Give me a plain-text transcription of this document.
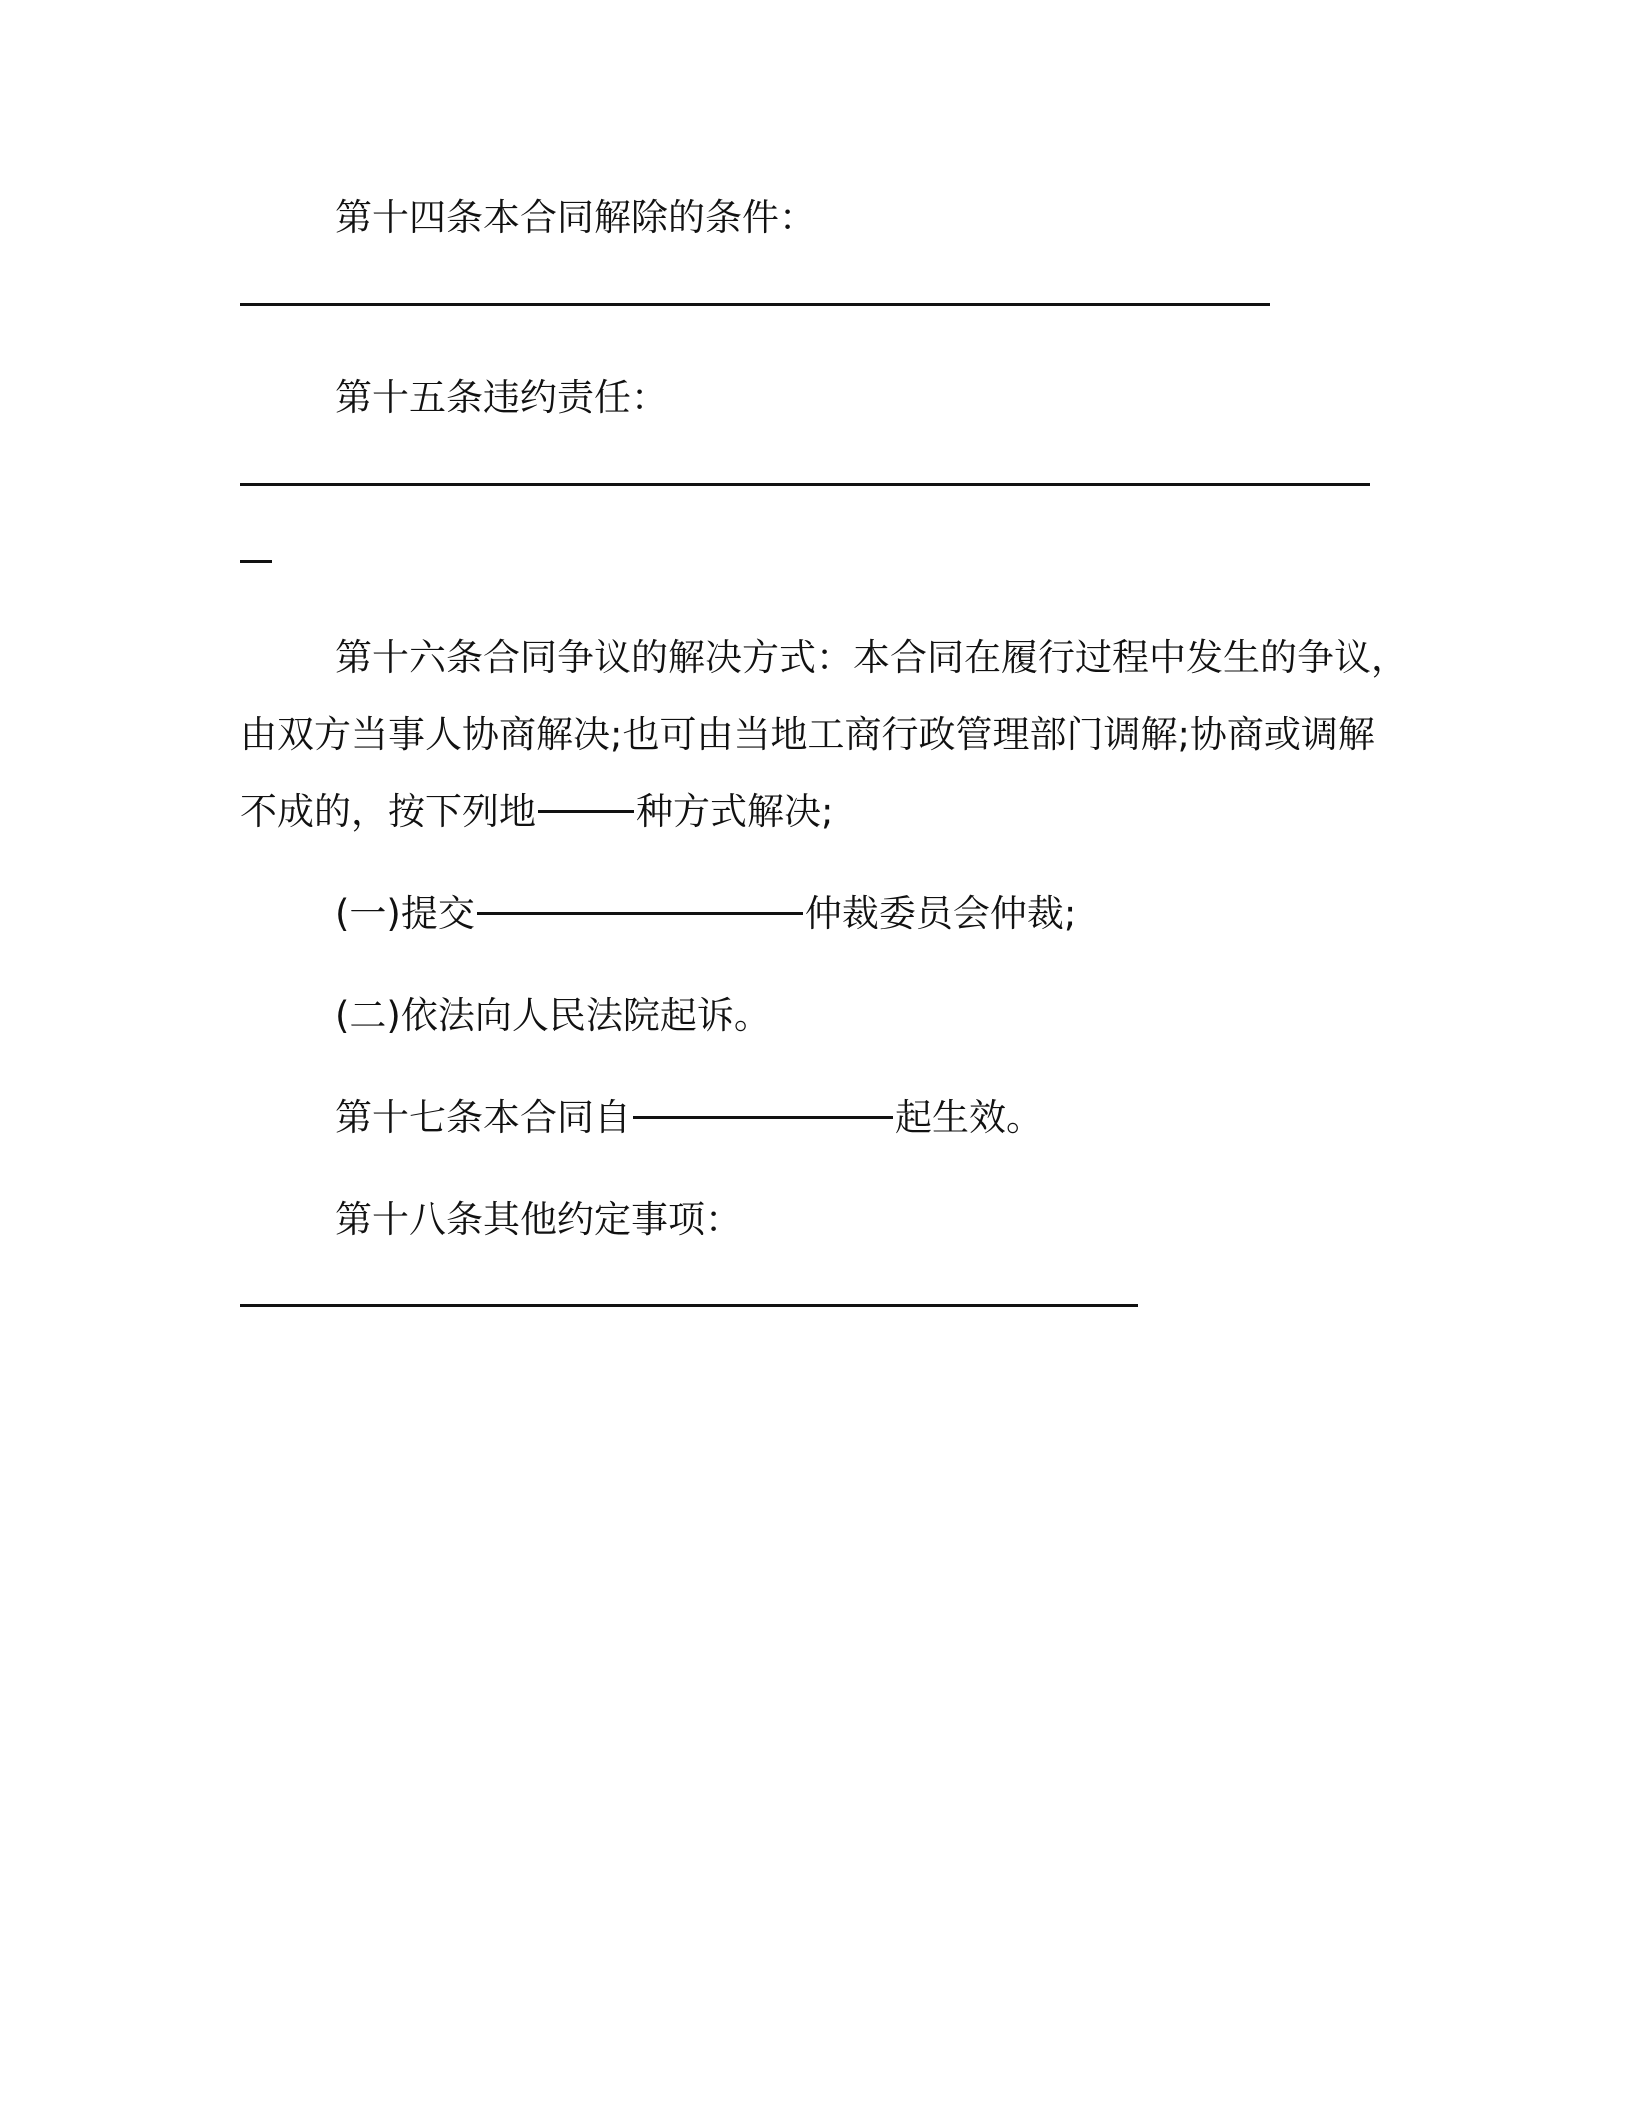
第十四条本合同解除的条件：
第十五条违约责任：
第十六条合同争议的解决方式：本合同在履行过程中发生的争议，
由双方当事人协商解决;也可由当地工商行政管理部门调解;协商或调解
不成的，按下列地	种方式解决;
(一)提交	仲裁委员会仲裁;
(二)依法向人民法院起诉。
第十七条本合同自	起生效。
第十八条其他约定事项：
